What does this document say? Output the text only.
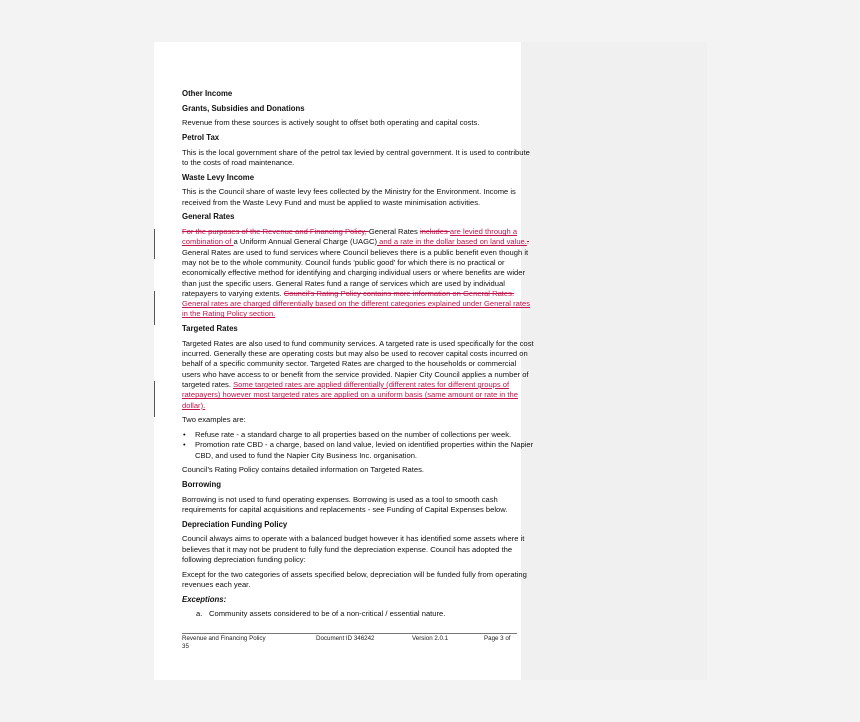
Other Income
Grants, Subsidies and Donations

Revenue from these sources is actively sought to offset both operating and capital costs.

Petrol Tax

This is the local government share of the petrol tax levied by central government. It is used to contribute to the costs of road maintenance.

Waste Levy Income

This is the Council share of waste levy fees collected by the Ministry for the Environment. Income is received from the Waste Levy Fund and must be applied to waste minimisation activities.

General Rates

For the purposes of the Revenue and Financing Policy, General Rates includes are levied through a combination of a Uniform Annual General Charge (UAGC) and a rate in the dollar based on land value.. General Rates are used to fund services where Council believes there is a public benefit even though it may not be to the whole community. Council funds ‘public good’ for which there is no practical or economically effective method for identifying and charging individual users or where benefits are wider than just the specific users. General Rates fund a range of services which are used by individual ratepayers to varying extents. Council’s Rating Policy contains more information on General Rates. General rates are charged differentially based on the different categories explained under General rates in the Rating Policy section.

Targeted Rates

Targeted Rates are also used to fund community services. A targeted rate is used specifically for the cost incurred. Generally these are operating costs but may also be used to recover capital costs incurred on behalf of a specific community sector. Targeted Rates are charged to the households or commercial users who have access to or benefit from the service provided. Napier City Council applies a number of targeted rates. Some targeted rates are applied differentially (different rates for different groups of ratepayers) however most targeted rates are applied on a uniform basis (same amount or rate in the dollar).

Two examples are:

• Refuse rate - a standard charge to all properties based on the number of collections per week.
• Promotion rate CBD - a charge, based on land value, levied on identified properties within the Napier CBD, and used to fund the Napier City Business Inc. organisation.

Council’s Rating Policy contains detailed information on Targeted Rates.

Borrowing

Borrowing is not used to fund operating expenses. Borrowing is used as a tool to smooth cash requirements for capital acquisitions and replacements - see Funding of Capital Expenses below.

Depreciation Funding Policy

Council always aims to operate with a balanced budget however it has identified some assets where it believes that it may not be prudent to fully fund the depreciation expense. Council has adopted the following depreciation funding policy:

Except for the two categories of assets specified below, depreciation will be funded fully from operating revenues each year.

Exceptions:
a. Community assets considered to be of a non-critical / essential nature.
Revenue and Financing Policy	Document ID 346242	Version 2.0.1	Page 3 of
35
